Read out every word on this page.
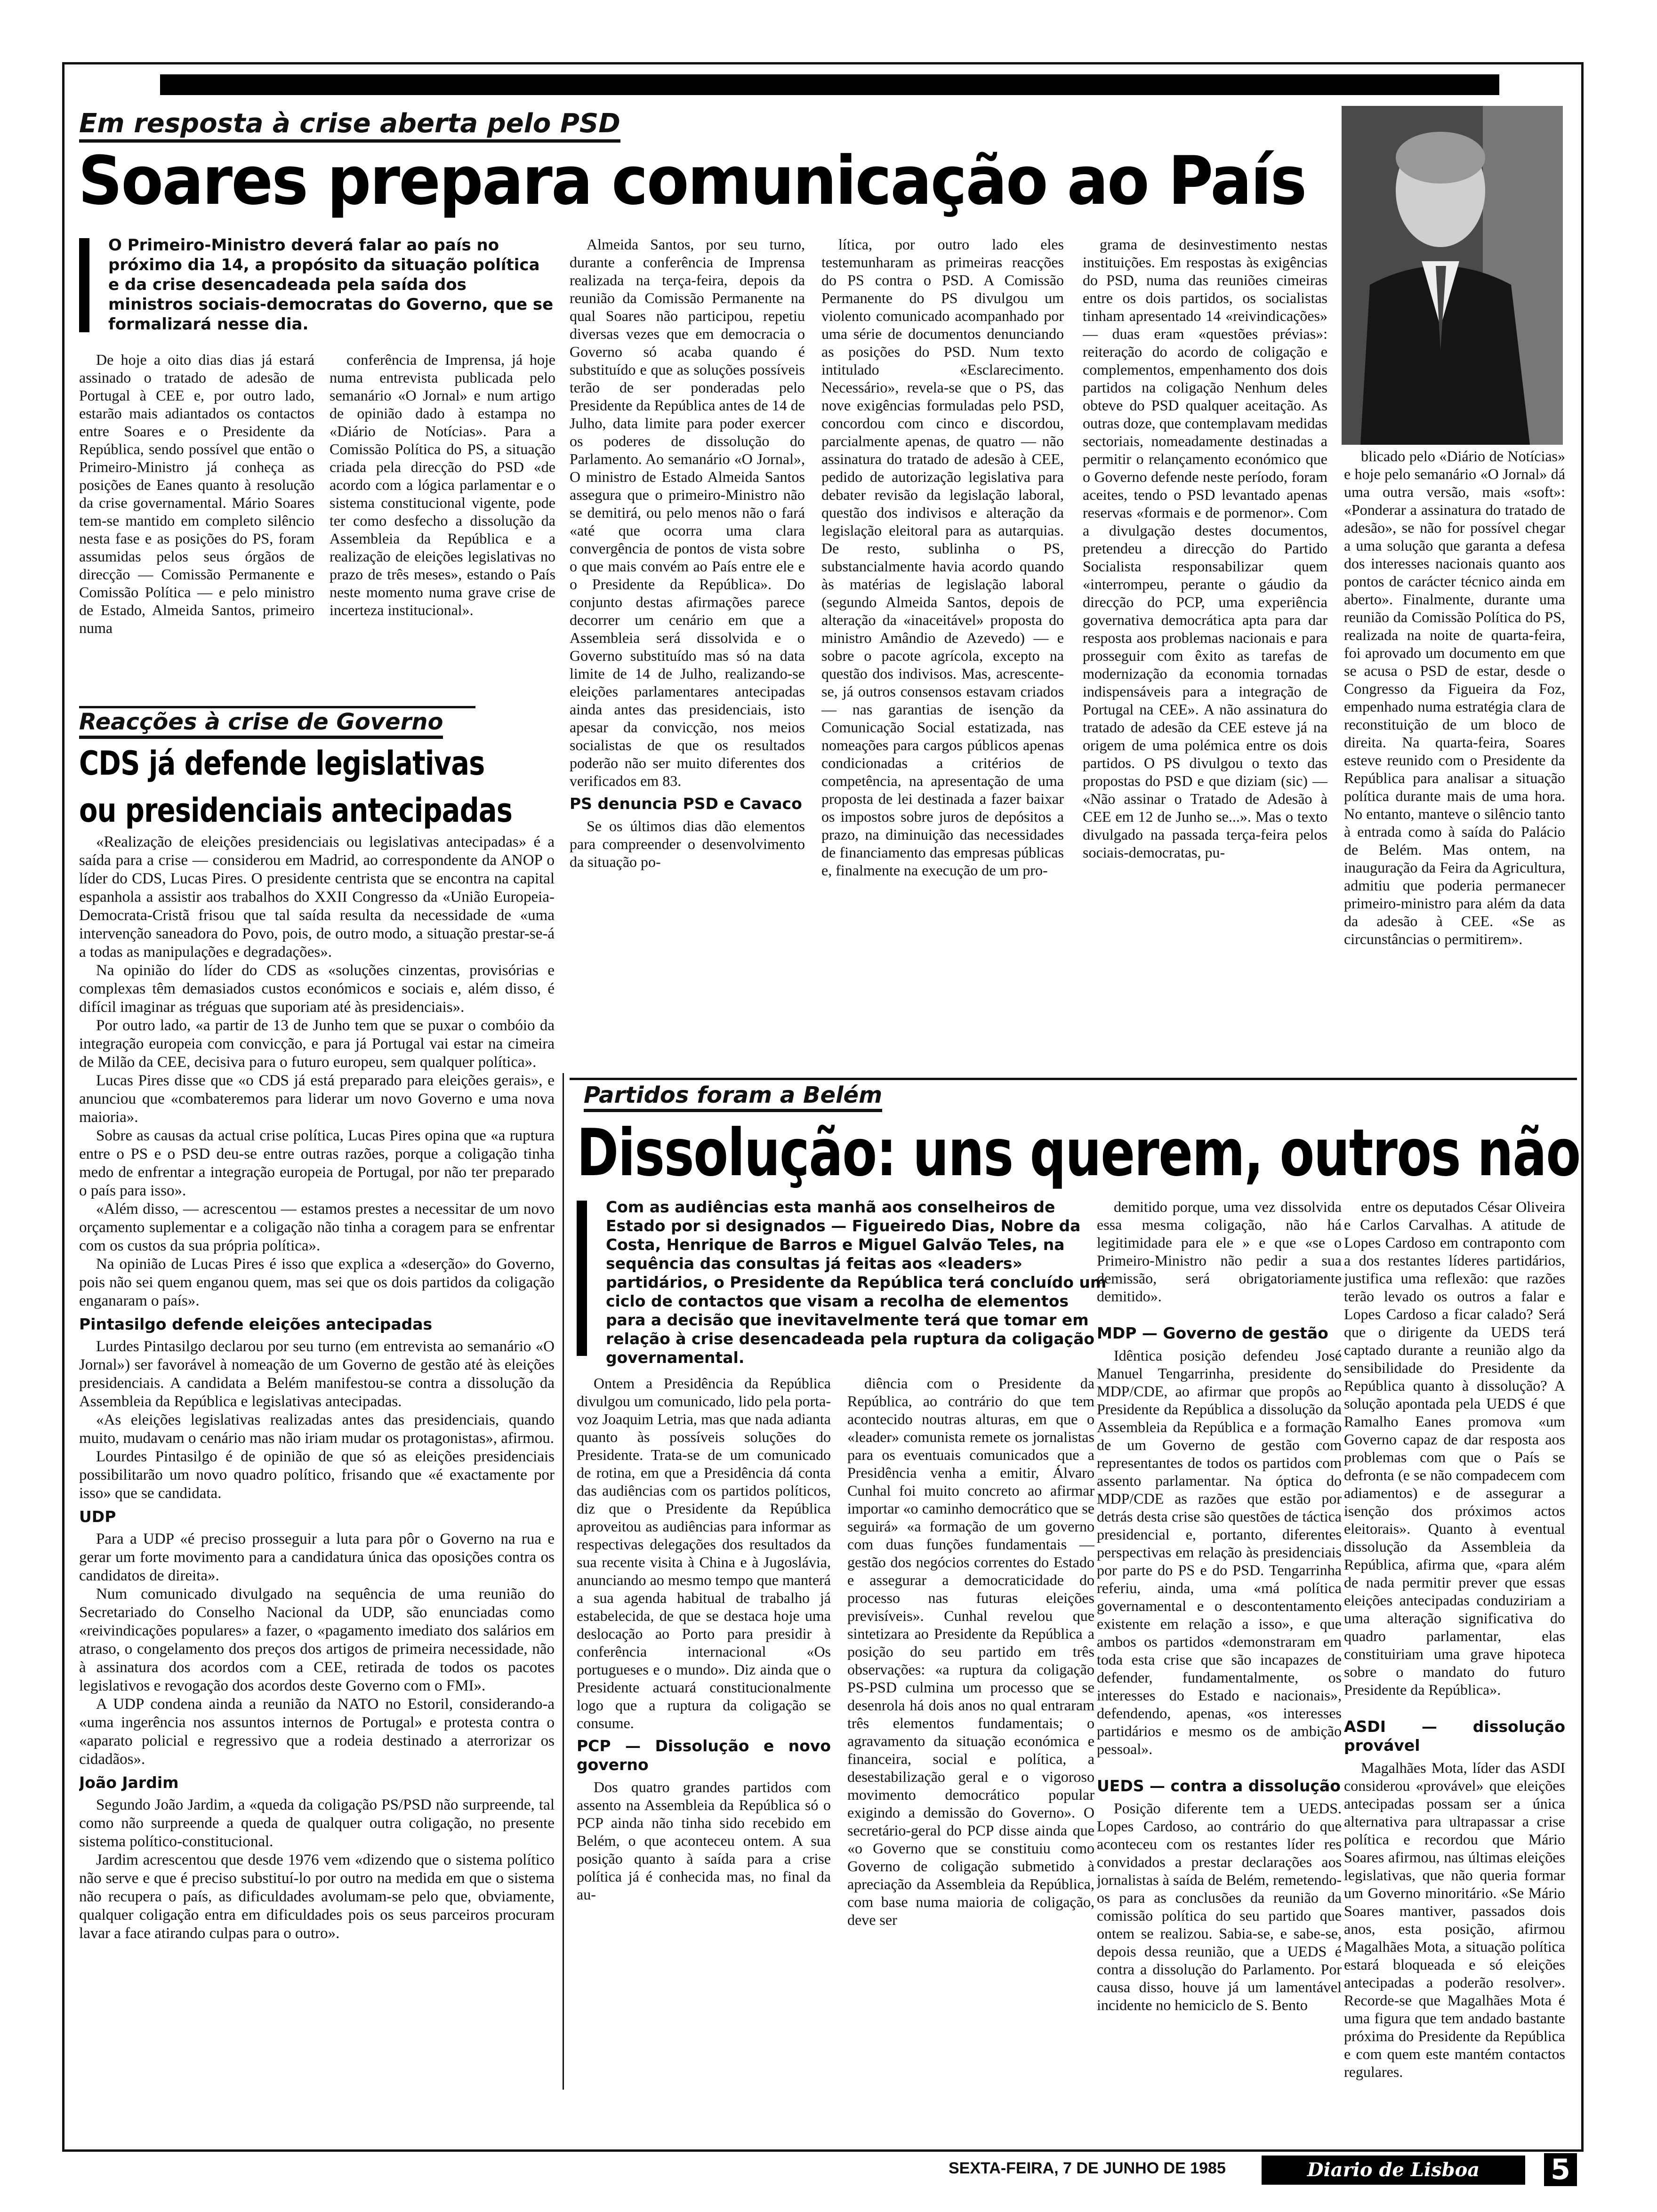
Em resposta à crise aberta pelo PSD
Soares prepara comunicação ao País
O Primeiro-Ministro deverá falar ao país no próximo dia 14, a propósito da situação política e da crise desencadeada pela saída dos ministros sociais-democratas do Governo, que se formalizará nesse dia.

De hoje a oito dias dias já estará assinado o tratado de adesão de Portugal à CEE e, por outro lado, estarão mais adiantados os contactos entre Soares e o Presidente da República, sendo possível que então o Primeiro-Ministro já conheça as posições de Eanes quanto à resolução da crise governamental. Mário Soares tem-se mantido em completo silêncio nesta fase e as posições do PS, foram assumidas pelos seus órgãos de direcção — Comissão Permanente e Comissão Política — e pelo ministro de Estado, Almeida Santos, primeiro numa

conferência de Imprensa, já hoje numa entrevista publicada pelo semanário «O Jornal» e num artigo de opinião dado à estampa no «Diário de Notícias». Para a Comissão Política do PS, a situação criada pela direcção do PSD «de acordo com a lógica parlamentar e o sistema constitucional vigente, pode ter como desfecho a dissolução da Assembleia da República e a realização de eleições legislativas no prazo de três meses», estando o País neste momento numa grave crise de incerteza institucional».

Almeida Santos, por seu turno, durante a conferência de Imprensa realizada na terça-feira, depois da reunião da Comissão Permanente na qual Soares não participou, repetiu diversas vezes que em democracia o Governo só acaba quando é substituído e que as soluções possíveis terão de ser ponderadas pelo Presidente da República antes de 14 de Julho, data limite para poder exercer os poderes de dissolução do Parlamento. Ao semanário «O Jornal», O ministro de Estado Almeida Santos assegura que o primeiro-Ministro não se demitirá, ou pelo menos não o fará «até que ocorra uma clara convergência de pontos de vista sobre o que mais convém ao País entre ele e o Presidente da República». Do conjunto destas afirmações parece decorrer um cenário em que a Assembleia será dissolvida e o Governo substituído mas só na data limite de 14 de Julho, realizando-se eleições parlamentares antecipadas ainda antes das presidenciais, isto apesar da convicção, nos meios socialistas de que os resultados poderão não ser muito diferentes dos verificados em 83.

PS denuncia PSD e Cavaco

Se os últimos dias dão elementos para compreender o desenvolvimento da situação po-

lítica, por outro lado eles testemunharam as primeiras reacções do PS contra o PSD. A Comissão Permanente do PS divulgou um violento comunicado acompanhado por uma série de documentos denunciando as posições do PSD. Num texto intitulado «Esclarecimento. Necessário», revela-se que o PS, das nove exigências formuladas pelo PSD, concordou com cinco e discordou, parcialmente apenas, de quatro — não assinatura do tratado de adesão à CEE, pedido de autorização legislativa para debater revisão da legislação laboral, questão dos indivisos e alteração da legislação eleitoral para as autarquias. De resto, sublinha o PS, substancialmente havia acordo quando às matérias de legislação laboral (segundo Almeida Santos, depois de alteração da «inaceitável» proposta do ministro Amândio de Azevedo) — e sobre o pacote agrícola, excepto na questão dos indivisos. Mas, acrescente-se, já outros consensos estavam criados — nas garantias de isenção da Comunicação Social estatizada, nas nomeações para cargos públicos apenas condicionadas a critérios de competência, na apresentação de uma proposta de lei destinada a fazer baixar os impostos sobre juros de depósitos a prazo, na diminuição das necessidades de financiamento das empresas públicas e, finalmente na execução de um pro-

grama de desinvestimento nestas instituições. Em respostas às exigências do PSD, numa das reuniões cimeiras entre os dois partidos, os socialistas tinham apresentado 14 «reivindicações» — duas eram «questões prévias»: reiteração do acordo de coligação e complementos, empenhamento dos dois partidos na coligação Nenhum deles obteve do PSD qualquer aceitação. As outras doze, que contemplavam medidas sectoriais, nomeadamente destinadas a permitir o relançamento económico que o Governo defende neste período, foram aceites, tendo o PSD levantado apenas reservas «formais e de pormenor». Com a divulgação destes documentos, pretendeu a direcção do Partido Socialista responsabilizar quem «interrompeu, perante o gáudio da direcção do PCP, uma experiência governativa democrática apta para dar resposta aos problemas nacionais e para prosseguir com êxito as tarefas de modernização da economia tornadas indispensáveis para a integração de Portugal na CEE». A não assinatura do tratado de adesão da CEE esteve já na origem de uma polémica entre os dois partidos. O PS divulgou o texto das propostas do PSD e que diziam (sic) — «Não assinar o Tratado de Adesão à CEE em 12 de Junho se...». Mas o texto divulgado na passada terça-feira pelos sociais-democratas, pu-

blicado pelo «Diário de Notícias» e hoje pelo semanário «O Jornal» dá uma outra versão, mais «soft»: «Ponderar a assinatura do tratado de adesão», se não for possível chegar a uma solução que garanta a defesa dos interesses nacionais quanto aos pontos de carácter técnico ainda em aberto». Finalmente, durante uma reunião da Comissão Política do PS, realizada na noite de quarta-feira, foi aprovado um documento em que se acusa o PSD de estar, desde o Congresso da Figueira da Foz, empenhado numa estratégia clara de reconstituição de um bloco de direita. Na quarta-feira, Soares esteve reunido com o Presidente da República para analisar a situação política durante mais de uma hora. No entanto, manteve o silêncio tanto à entrada como à saída do Palácio de Belém. Mas ontem, na inauguração da Feira da Agricultura, admitiu que poderia permanecer primeiro-ministro para além da data da adesão à CEE. «Se as circunstâncias o permitirem».

Reacções à crise de Governo
CDS já defende legislativas
ou presidenciais antecipadas

«Realização de eleições presidenciais ou legislativas antecipadas» é a saída para a crise — considerou em Madrid, ao correspondente da ANOP o líder do CDS, Lucas Pires. O presidente centrista que se encontra na capital espanhola a assistir aos trabalhos do XXII Congresso da «União Europeia-Democrata-Cristã frisou que tal saída resulta da necessidade de «uma intervenção saneadora do Povo, pois, de outro modo, a situação prestar-se-á a todas as manipulações e degradações».

Na opinião do líder do CDS as «soluções cinzentas, provisórias e complexas têm demasiados custos económicos e sociais e, além disso, é difícil imaginar as tréguas que suporiam até às presidenciais».

Por outro lado, «a partir de 13 de Junho tem que se puxar o combóio da integração europeia com convicção, e para já Portugal vai estar na cimeira de Milão da CEE, decisiva para o futuro europeu, sem qualquer política».

Lucas Pires disse que «o CDS já está preparado para eleições gerais», e anunciou que «combateremos para liderar um novo Governo e uma nova maioria».

Sobre as causas da actual crise política, Lucas Pires opina que «a ruptura entre o PS e o PSD deu-se entre outras razões, porque a coligação tinha medo de enfrentar a integração europeia de Portugal, por não ter preparado o país para isso».

«Além disso, — acrescentou — estamos prestes a necessitar de um novo orçamento suplementar e a coligação não tinha a coragem para se enfrentar com os custos da sua própria política».

Na opinião de Lucas Pires é isso que explica a «deserção» do Governo, pois não sei quem enganou quem, mas sei que os dois partidos da coligação enganaram o país».

Pintasilgo defende eleições antecipadas

Lurdes Pintasilgo declarou por seu turno (em entrevista ao semanário «O Jornal») ser favorável à nomeação de um Governo de gestão até às eleições presidenciais. A candidata a Belém manifestou-se contra a dissolução da Assembleia da República e legislativas antecipadas.

«As eleições legislativas realizadas antes das presidenciais, quando muito, mudavam o cenário mas não iriam mudar os protagonistas», afirmou.

Lourdes Pintasilgo é de opinião de que só as eleições presidenciais possibilitarão um novo quadro político, frisando que «é exactamente por isso» que se candidata.

UDP

Para a UDP «é preciso prosseguir a luta para pôr o Governo na rua e gerar um forte movimento para a candidatura única das oposições contra os candidatos de direita».

Num comunicado divulgado na sequência de uma reunião do Secretariado do Conselho Nacional da UDP, são enunciadas como «reivindicações populares» a fazer, o «pagamento imediato dos salários em atraso, o congelamento dos preços dos artigos de primeira necessidade, não à assinatura dos acordos com a CEE, retirada de todos os pacotes legislativos e revogação dos acordos deste Governo com o FMI».

A UDP condena ainda a reunião da NATO no Estoril, considerando-a «uma ingerência nos assuntos internos de Portugal» e protesta contra o «aparato policial e regressivo que a rodeia destinado a aterrorizar os cidadãos».

João Jardim

Segundo João Jardim, a «queda da coligação PS/PSD não surpreende, tal como não surpreende a queda de qualquer outra coligação, no presente sistema político-constitucional.

Jardim acrescentou que desde 1976 vem «dizendo que o sistema político não serve e que é preciso substituí-lo por outro na medida em que o sistema não recupera o país, as dificuldades avolumam-se pelo que, obviamente, qualquer coligação entra em dificuldades pois os seus parceiros procuram lavar a face atirando culpas para o outro».

Partidos foram a Belém
Dissolução: uns querem, outros não
Com as audiências esta manhã aos conselheiros de Estado por si designados — Figueiredo Dias, Nobre da Costa, Henrique de Barros e Miguel Galvão Teles, na sequência das consultas já feitas aos «leaders» partidários, o Presidente da República terá concluído um ciclo de contactos que visam a recolha de elementos para a decisão que inevitavelmente terá que tomar em relação à crise desencadeada pela ruptura da coligação governamental.

Ontem a Presidência da República divulgou um comunicado, lido pela porta-voz Joaquim Letria, mas que nada adianta quanto às possíveis soluções do Presidente. Trata-se de um comunicado de rotina, em que a Presidência dá conta das audiências com os partidos políticos, diz que o Presidente da República aproveitou as audiências para informar as respectivas delegações dos resultados da sua recente visita à China e à Jugoslávia, anunciando ao mesmo tempo que manterá a sua agenda habitual de trabalho já estabelecida, de que se destaca hoje uma deslocação ao Porto para presidir à conferência internacional «Os portugueses e o mundo». Diz ainda que o Presidente actuará constitucionalmente logo que a ruptura da coligação se consume.

PCP — Dissolução e novo governo

Dos quatro grandes partidos com assento na Assembleia da República só o PCP ainda não tinha sido recebido em Belém, o que aconteceu ontem. A sua posição quanto à saída para a crise política já é conhecida mas, no final da au-

diência com o Presidente da República, ao contrário do que tem acontecido noutras alturas, em que o «leader» comunista remete os jornalistas para os eventuais comunicados que a Presidência venha a emitir, Álvaro Cunhal foi muito concreto ao afirmar importar «o caminho democrático que se seguirá» «a formação de um governo com duas funções fundamentais — gestão dos negócios correntes do Estado e assegurar a democraticidade do processo nas futuras eleições previsíveis». Cunhal revelou que sintetizara ao Presidente da República a posição do seu partido em três observações: «a ruptura da coligação PS-PSD culmina um processo que se desenrola há dois anos no qual entraram três elementos fundamentais; o agravamento da situação económica e financeira, social e política, a desestabilização geral e o vigoroso movimento democrático popular exigindo a demissão do Governo». O secretário-geral do PCP disse ainda que «o Governo que se constituiu como Governo de coligação submetido à apreciação da Assembleia da República, com base numa maioria de coligação, deve ser

demitido porque, uma vez dissolvida essa mesma coligação, não há legitimidade para ele » e que «se o Primeiro-Ministro não pedir a sua demissão, será obrigatoriamente demitido».

MDP — Governo de gestão

Idêntica posição defendeu José Manuel Tengarrinha, presidente do MDP/CDE, ao afirmar que propôs ao Presidente da República a dissolução da Assembleia da República e a formação de um Governo de gestão com representantes de todos os partidos com assento parlamentar. Na óptica do MDP/CDE as razões que estão por detrás desta crise são questões de táctica presidencial e, portanto, diferentes perspectivas em relação às presidenciais por parte do PS e do PSD. Tengarrinha referiu, ainda, uma «má política governamental e o descontentamento existente em relação a isso», e que ambos os partidos «demonstraram em toda esta crise que são incapazes de defender, fundamentalmente, os interesses do Estado e nacionais», defendendo, apenas, «os interesses partidários e mesmo os de ambição pessoal».

UEDS — contra a dissolução

Posição diferente tem a UEDS. Lopes Cardoso, ao contrário do que aconteceu com os restantes líder res convidados a prestar declarações aos jornalistas à saída de Belém, remetendo-os para as conclusões da reunião da comissão política do seu partido que ontem se realizou. Sabia-se, e sabe-se, depois dessa reunião, que a UEDS é contra a dissolução do Parlamento. Por causa disso, houve já um lamentável incidente no hemiciclo de S. Bento

entre os deputados César Oliveira e Carlos Carvalhas. A atitude de Lopes Cardoso em contraponto com a dos restantes líderes partidários, justifica uma reflexão: que razões terão levado os outros a falar e Lopes Cardoso a ficar calado? Será que o dirigente da UEDS terá captado durante a reunião algo da sensibilidade do Presidente da República quanto à dissolução? A solução apontada pela UEDS é que Ramalho Eanes promova «um Governo capaz de dar resposta aos problemas com que o País se defronta (e se não compadecem com adiamentos) e de assegurar a isenção dos próximos actos eleitorais». Quanto à eventual dissolução da Assembleia da República, afirma que, «para além de nada permitir prever que essas eleições antecipadas conduziriam a uma alteração significativa do quadro parlamentar, elas constituiriam uma grave hipoteca sobre o mandato do futuro Presidente da República».

ASDI — dissolução provável

Magalhães Mota, líder das ASDI considerou «provável» que eleições antecipadas possam ser a única alternativa para ultrapassar a crise política e recordou que Mário Soares afirmou, nas últimas eleições legislativas, que não queria formar um Governo minoritário. «Se Mário Soares mantiver, passados dois anos, esta posição, afirmou Magalhães Mota, a situação política estará bloqueada e só eleições antecipadas a poderão resolver». Recorde-se que Magalhães Mota é uma figura que tem andado bastante próxima do Presidente da República e com quem este mantém contactos regulares.

SEXTA-FEIRA, 7 DE JUNHO DE 1985	Diario de Lisboa	5
